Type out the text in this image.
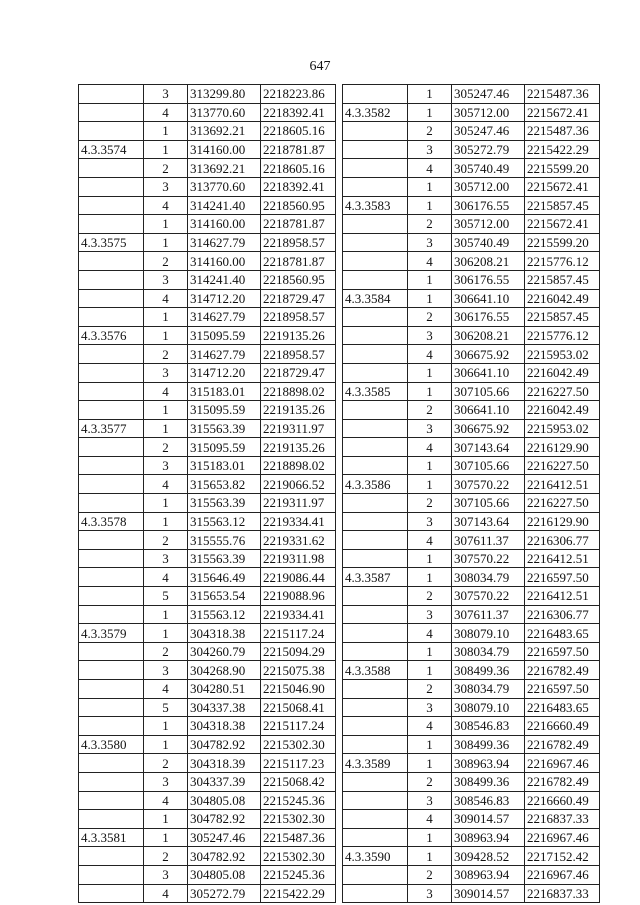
647
	3	313299.80	2218223.86
	4	313770.60	2218392.41
	1	313692.21	2218605.16
4.3.3574	1	314160.00	2218781.87
	2	313692.21	2218605.16
	3	313770.60	2218392.41
	4	314241.40	2218560.95
	1	314160.00	2218781.87
4.3.3575	1	314627.79	2218958.57
	2	314160.00	2218781.87
	3	314241.40	2218560.95
	4	314712.20	2218729.47
	1	314627.79	2218958.57
4.3.3576	1	315095.59	2219135.26
	2	314627.79	2218958.57
	3	314712.20	2218729.47
	4	315183.01	2218898.02
	1	315095.59	2219135.26
4.3.3577	1	315563.39	2219311.97
	2	315095.59	2219135.26
	3	315183.01	2218898.02
	4	315653.82	2219066.52
	1	315563.39	2219311.97
4.3.3578	1	315563.12	2219334.41
	2	315555.76	2219331.62
	3	315563.39	2219311.98
	4	315646.49	2219086.44
	5	315653.54	2219088.96
	1	315563.12	2219334.41
4.3.3579	1	304318.38	2215117.24
	2	304260.79	2215094.29
	3	304268.90	2215075.38
	4	304280.51	2215046.90
	5	304337.38	2215068.41
	1	304318.38	2215117.24
4.3.3580	1	304782.92	2215302.30
	2	304318.39	2215117.23
	3	304337.39	2215068.42
	4	304805.08	2215245.36
	1	304782.92	2215302.30
4.3.3581	1	305247.46	2215487.36
	2	304782.92	2215302.30
	3	304805.08	2215245.36
	4	305272.79	2215422.29
	1	305247.46	2215487.36
4.3.3582	1	305712.00	2215672.41
	2	305247.46	2215487.36
	3	305272.79	2215422.29
	4	305740.49	2215599.20
	1	305712.00	2215672.41
4.3.3583	1	306176.55	2215857.45
	2	305712.00	2215672.41
	3	305740.49	2215599.20
	4	306208.21	2215776.12
	1	306176.55	2215857.45
4.3.3584	1	306641.10	2216042.49
	2	306176.55	2215857.45
	3	306208.21	2215776.12
	4	306675.92	2215953.02
	1	306641.10	2216042.49
4.3.3585	1	307105.66	2216227.50
	2	306641.10	2216042.49
	3	306675.92	2215953.02
	4	307143.64	2216129.90
	1	307105.66	2216227.50
4.3.3586	1	307570.22	2216412.51
	2	307105.66	2216227.50
	3	307143.64	2216129.90
	4	307611.37	2216306.77
	1	307570.22	2216412.51
4.3.3587	1	308034.79	2216597.50
	2	307570.22	2216412.51
	3	307611.37	2216306.77
	4	308079.10	2216483.65
	1	308034.79	2216597.50
4.3.3588	1	308499.36	2216782.49
	2	308034.79	2216597.50
	3	308079.10	2216483.65
	4	308546.83	2216660.49
	1	308499.36	2216782.49
4.3.3589	1	308963.94	2216967.46
	2	308499.36	2216782.49
	3	308546.83	2216660.49
	4	309014.57	2216837.33
	1	308963.94	2216967.46
4.3.3590	1	309428.52	2217152.42
	2	308963.94	2216967.46
	3	309014.57	2216837.33
